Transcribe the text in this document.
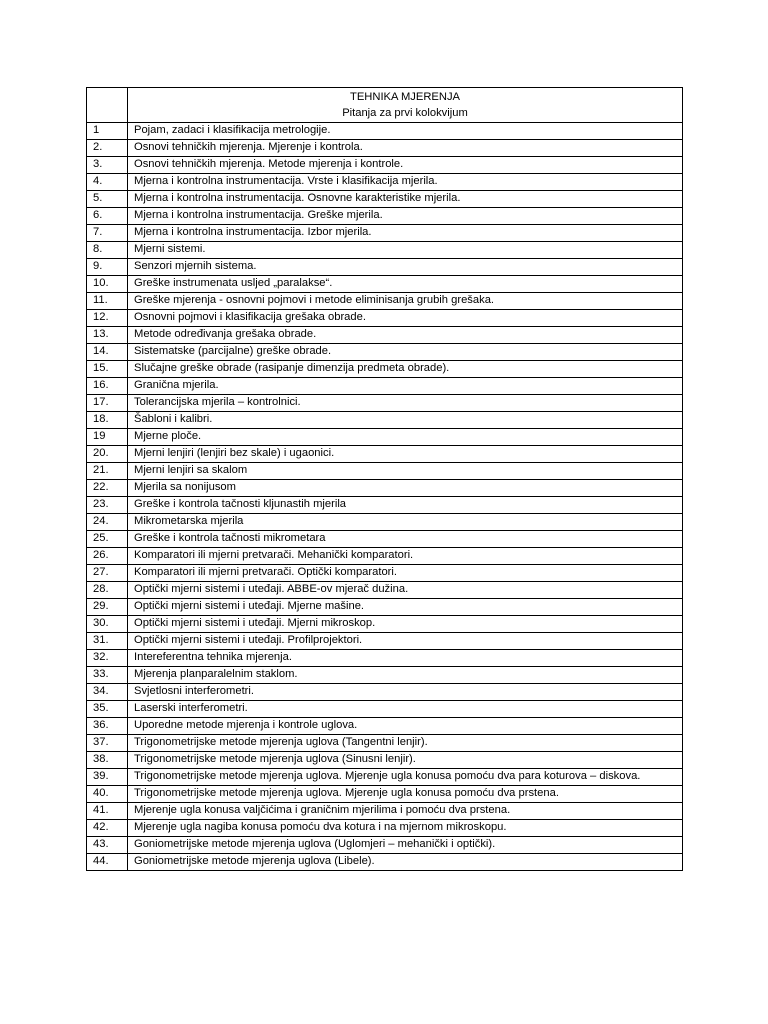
	TEHNIKA MJERENJA
Pitanja za prvi kolokvijum

1	Pojam, zadaci i klasifikacija metrologije.
2.	Osnovi tehničkih mjerenja. Mjerenje i kontrola.
3.	Osnovi tehničkih mjerenja. Metode mjerenja i kontrole.
4.	Mjerna i kontrolna instrumentacija. Vrste i klasifikacija mjerila.
5.	Mjerna i kontrolna instrumentacija. Osnovne karakteristike mjerila.
6.	Mjerna i kontrolna instrumentacija. Greške mjerila.
7.	Mjerna i kontrolna instrumentacija. Izbor mjerila.
8.	Mjerni sistemi.
9.	Senzori mjernih sistema.
10.	Greške instrumenata usljed „paralakse“.
11.	Greške mjerenja - osnovni pojmovi i metode eliminisanja grubih grešaka.
12.	Osnovni pojmovi i klasifikacija grešaka obrade.
13.	Metode određivanja grešaka obrade.
14.	Sistematske (parcijalne) greške obrade.
15.	Slučajne greške obrade (rasipanje dimenzija predmeta obrade).
16.	Granična mjerila.
17.	Tolerancijska mjerila – kontrolnici.
18.	Šabloni i kalibri.
19	Mjerne ploče.
20.	Mjerni lenjiri (lenjiri bez skale) i ugaonici.
21.	Mjerni lenjiri sa skalom
22.	Mjerila sa nonijusom
23.	Greške i kontrola tačnosti kljunastih mjerila
24.	Mikrometarska mjerila
25.	Greške i kontrola tačnosti mikrometara
26.	Komparatori ili mjerni pretvarači. Mehanički komparatori.
27.	Komparatori ili mjerni pretvarači. Optički komparatori.
28.	Optički mjerni sistemi i uteđaji. ABBE-ov mjerač dužina.
29.	Optički mjerni sistemi i uteđaji. Mjerne mašine.
30.	Optički mjerni sistemi i uteđaji. Mjerni mikroskop.
31.	Optički mjerni sistemi i uteđaji. Profilprojektori.
32.	Intereferentna tehnika mjerenja.
33.	Mjerenja planparalelnim staklom.
34.	Svjetlosni interferometri.
35.	Laserski interferometri.
36.	Uporedne metode mjerenja i kontrole uglova.
37.	Trigonometrijske metode mjerenja uglova (Tangentni lenjir).
38.	Trigonometrijske metode mjerenja uglova (Sinusni lenjir).
39.	Trigonometrijske metode mjerenja uglova. Mjerenje ugla konusa pomoću dva para koturova – diskova.
40.	Trigonometrijske metode mjerenja uglova. Mjerenje ugla konusa pomoću dva prstena.
41.	Mjerenje ugla konusa valjčićima i graničnim mjerilima i pomoću dva prstena.
42.	Mjerenje ugla nagiba konusa pomoću dva kotura i na mjernom mikroskopu.
43.	Goniometrijske metode mjerenja uglova (Uglomjeri – mehanički i optički).
44.	Goniometrijske metode mjerenja uglova (Libele).
